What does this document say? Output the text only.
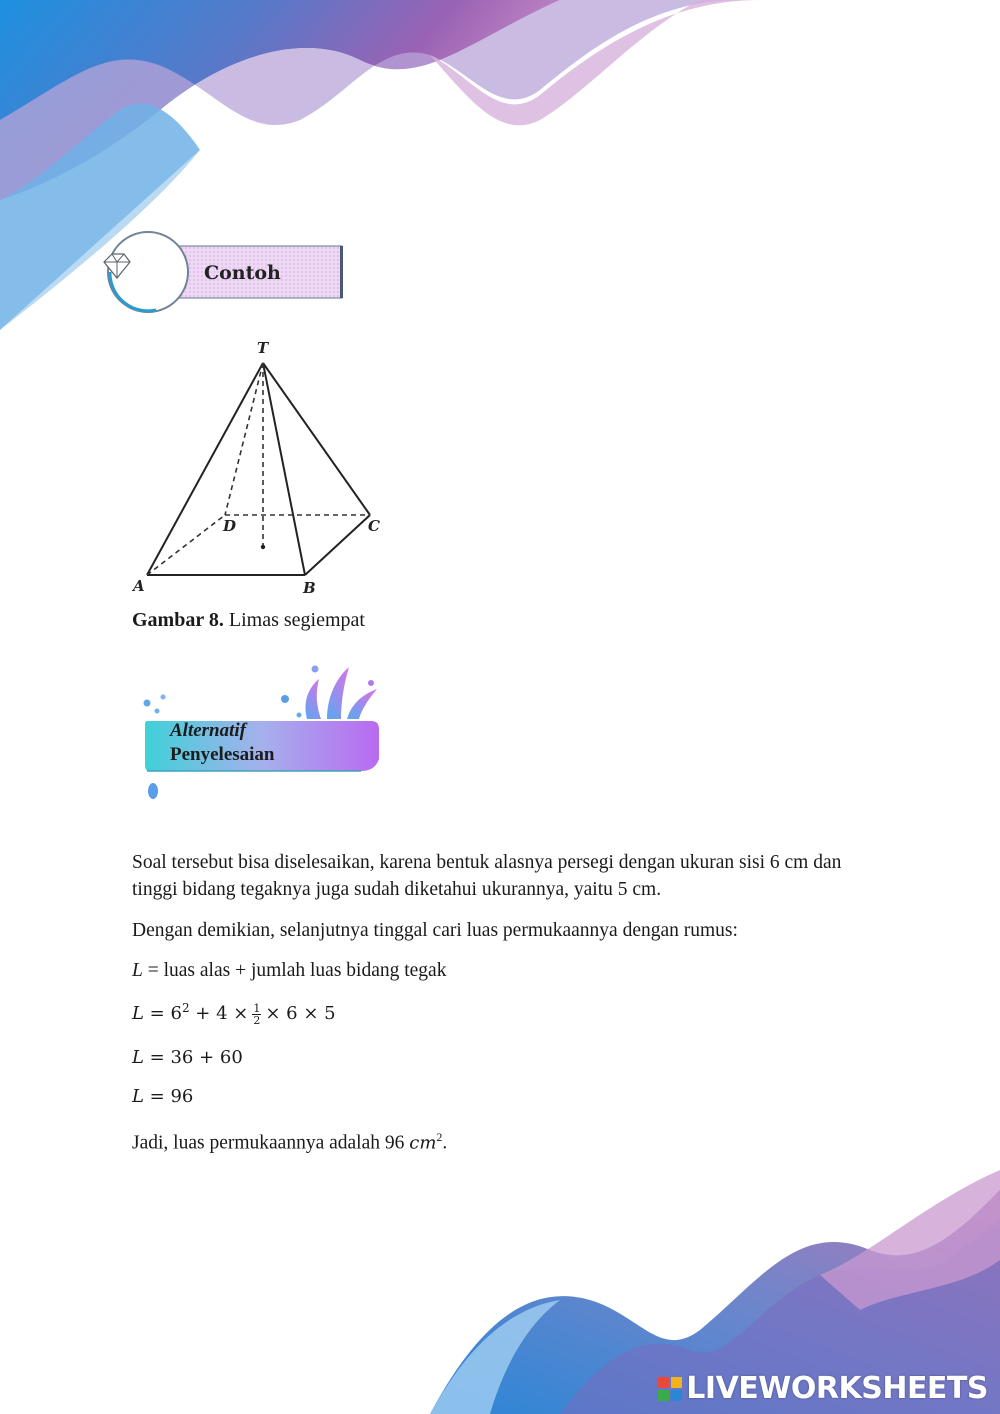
Contoh
T
A	B
C
D
Gambar 8. Limas segiempat
Alternatif
Penyelesaian
Soal tersebut bisa diselesaikan, karena bentuk alasnya persegi dengan ukuran sisi 6 cm dan tinggi bidang tegaknya juga sudah diketahui ukurannya, yaitu 5 cm.
Dengan demikian, selanjutnya tinggal cari luas permukaannya dengan rumus:
L = luas alas + jumlah luas bidang tegak
$L = 6^2 + 4 \times \frac{1}{2} \times 6 \times 5$
L = 36 + 60
L = 96
Jadi, luas permukaannya adalah 96 $cm^2$.
LIVEWORKSHEETS
